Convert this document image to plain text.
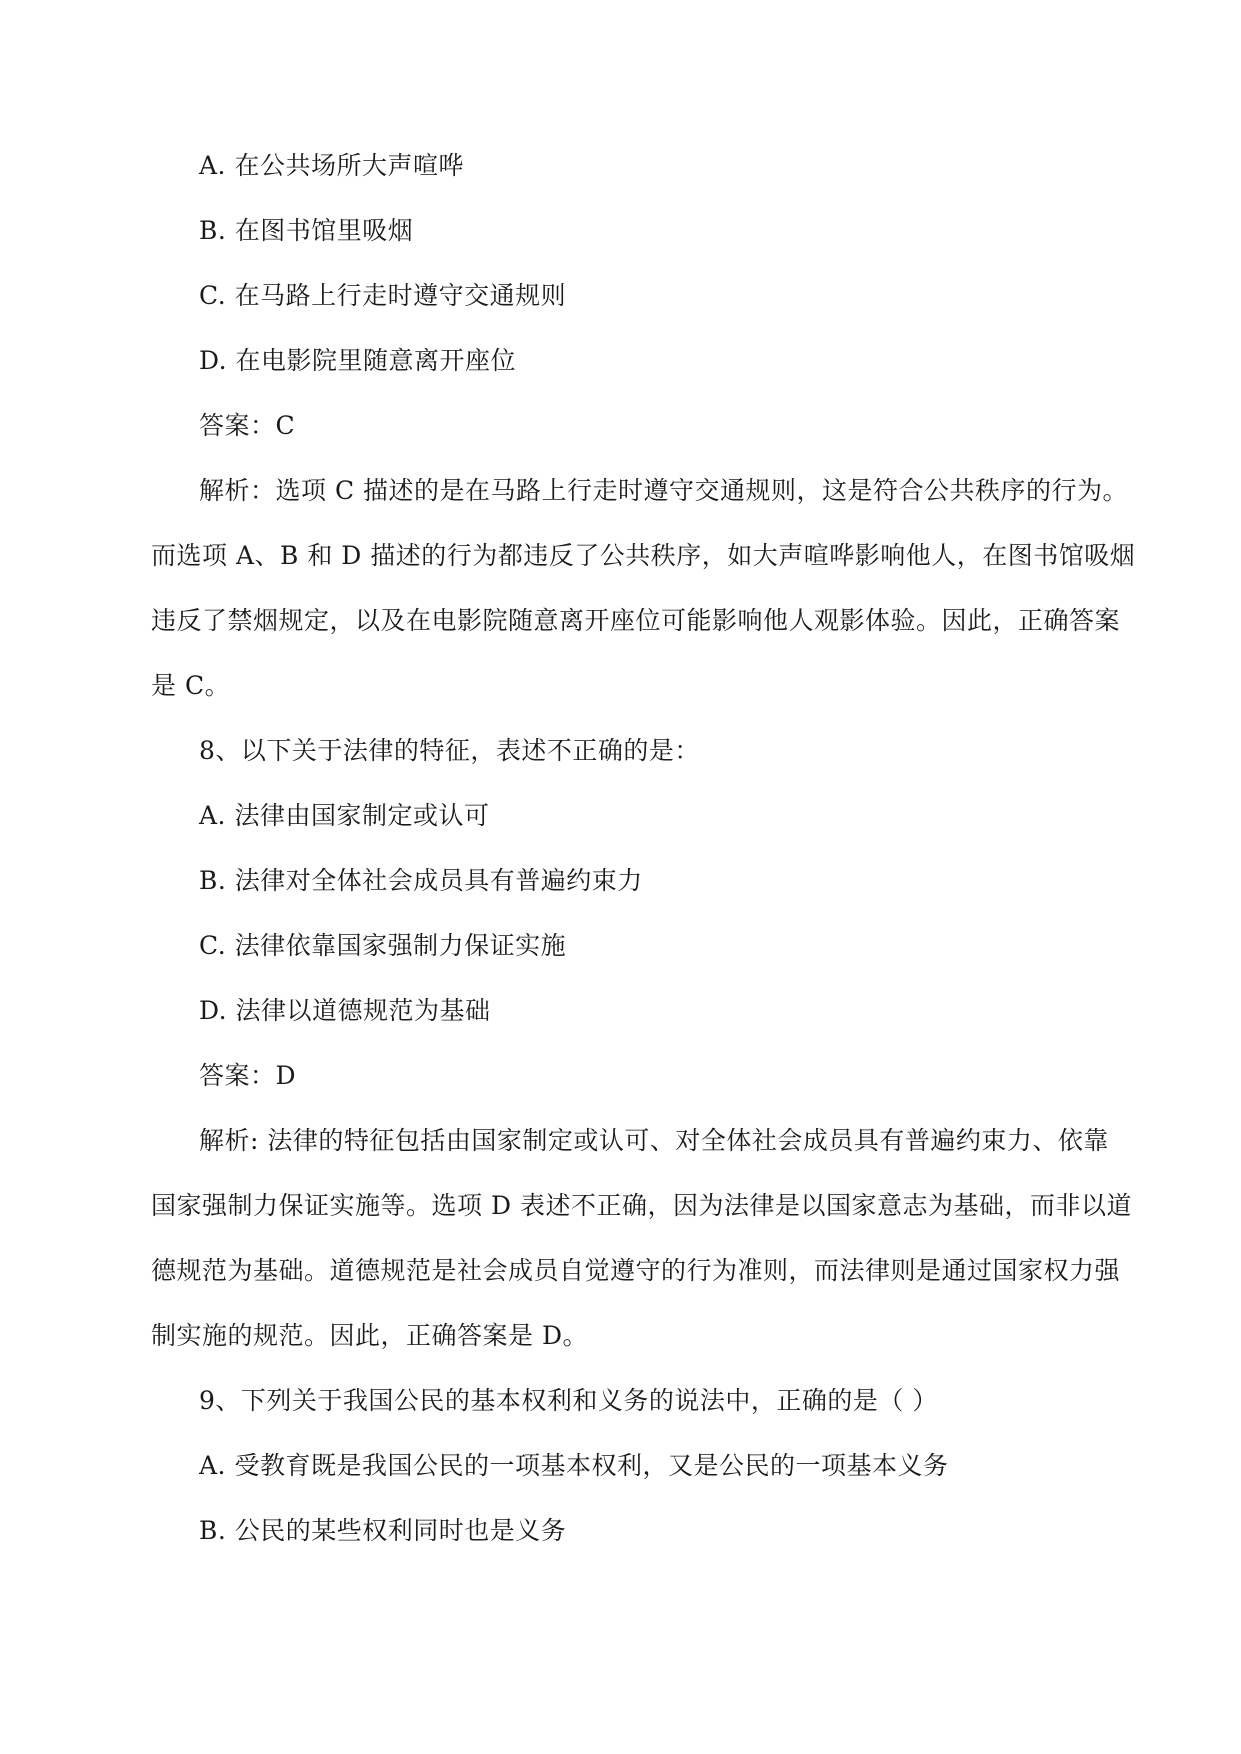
A. 在公共场所大声喧哗
B. 在图书馆里吸烟
C. 在马路上行走时遵守交通规则
D. 在电影院里随意离开座位
答案：C
解析：选项 C 描述的是在马路上行走时遵守交通规则，这是符合公共秩序的行为。
而选项 A、B 和 D 描述的行为都违反了公共秩序，如大声喧哗影响他人，在图书馆吸烟
违反了禁烟规定，以及在电影院随意离开座位可能影响他人观影体验。因此，正确答案
是 C。
8、以下关于法律的特征，表述不正确的是：
A. 法律由国家制定或认可
B. 法律对全体社会成员具有普遍约束力
C. 法律依靠国家强制力保证实施
D. 法律以道德规范为基础
答案：D
解析: 法律的特征包括由国家制定或认可、对全体社会成员具有普遍约束力、依靠
国家强制力保证实施等。选项 D 表述不正确，因为法律是以国家意志为基础，而非以道
德规范为基础。道德规范是社会成员自觉遵守的行为准则，而法律则是通过国家权力强
制实施的规范。因此，正确答案是 D。
9、下列关于我国公民的基本权利和义务的说法中，正确的是（ ）
A. 受教育既是我国公民的一项基本权利，又是公民的一项基本义务
B. 公民的某些权利同时也是义务
